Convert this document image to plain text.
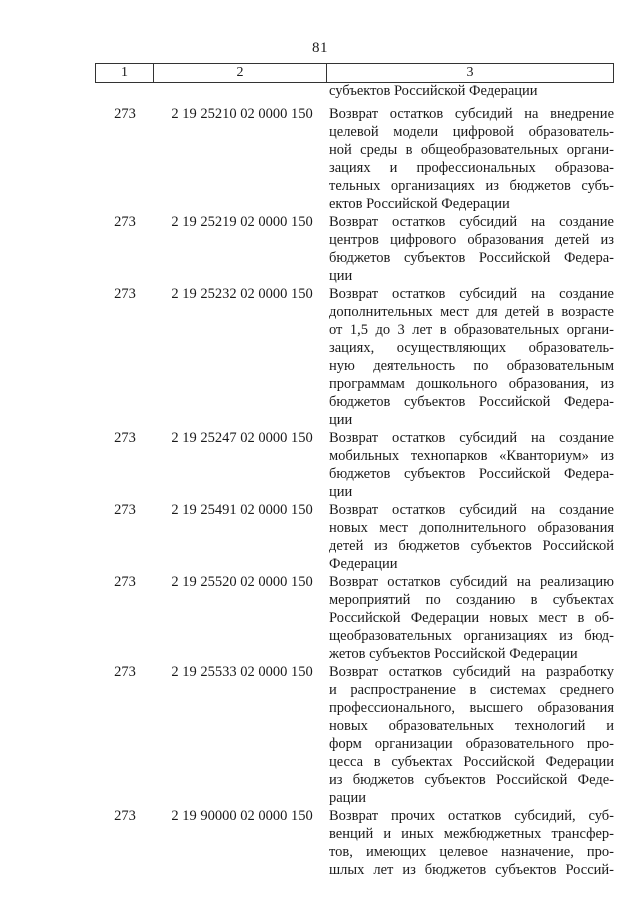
81
1	2	3
субъектов Российской Федерации
273	2 19 25210 02 0000 150	Возврат остатков субсидий на внедрение
целевой модели цифровой образователь-
ной среды в общеобразовательных органи-
зациях и профессиональных образова-
тельных организациях из бюджетов субъ-
ектов Российской Федерации
273	2 19 25219 02 0000 150	Возврат остатков субсидий на создание
центров цифрового образования детей из
бюджетов субъектов Российской Федера-
ции
273	2 19 25232 02 0000 150	Возврат остатков субсидий на создание
дополнительных мест для детей в возрасте
от 1,5 до 3 лет в образовательных органи-
зациях, осуществляющих образователь-
ную деятельность по образовательным
программам дошкольного образования, из
бюджетов субъектов Российской Федера-
ции
273	2 19 25247 02 0000 150	Возврат остатков субсидий на создание
мобильных технопарков «Кванториум» из
бюджетов субъектов Российской Федера-
ции
273	2 19 25491 02 0000 150	Возврат остатков субсидий на создание
новых мест дополнительного образования
детей из бюджетов субъектов Российской
Федерации
273	2 19 25520 02 0000 150	Возврат остатков субсидий на реализацию
мероприятий по созданию в субъектах
Российской Федерации новых мест в об-
щеобразовательных организациях из бюд-
жетов субъектов Российской Федерации
273	2 19 25533 02 0000 150	Возврат остатков субсидий на разработку
и распространение в системах среднего
профессионального, высшего образования
новых образовательных технологий и
форм организации образовательного про-
цесса в субъектах Российской Федерации
из бюджетов субъектов Российской Феде-
рации
273	2 19 90000 02 0000 150	Возврат прочих остатков субсидий, суб-
венций и иных межбюджетных трансфер-
тов, имеющих целевое назначение, про-
шлых лет из бюджетов субъектов Россий-
